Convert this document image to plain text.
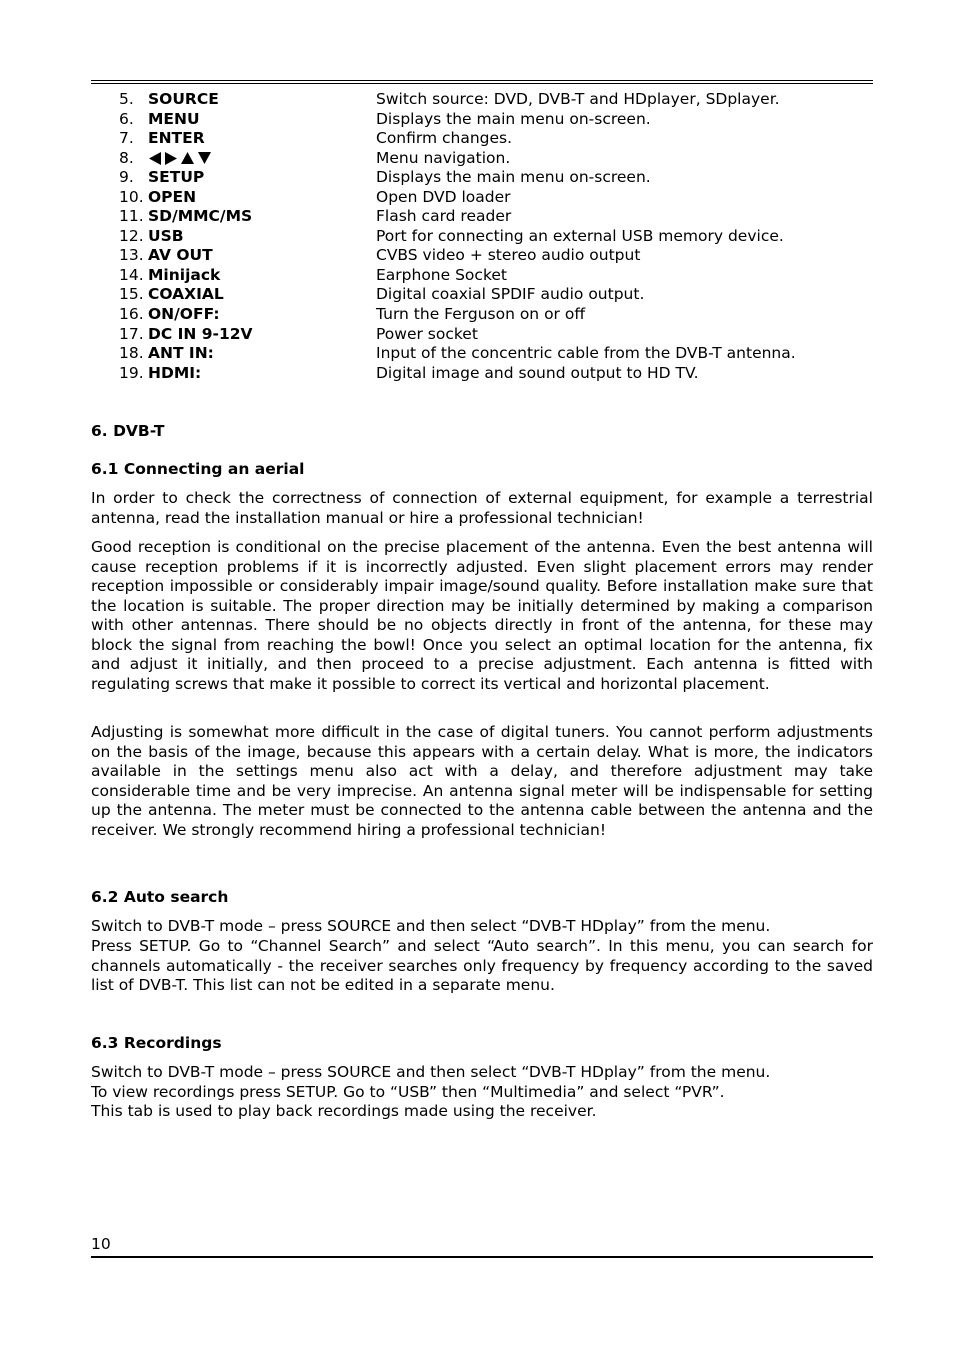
5. SOURCE	Switch source: DVD, DVB-T and HDplayer, SDplayer.
6. MENU	Displays the main menu on-screen.
7. ENTER	Confirm changes.
8.	Menu navigation.
9. SETUP	Displays the main menu on-screen.
10. OPEN	Open DVD loader
11. SD/MMC/MS	Flash card reader
12. USB	Port for connecting an external USB memory device.
13. AV OUT	CVBS video + stereo audio output
14. Minijack	Earphone Socket
15. COAXIAL	Digital coaxial SPDIF audio output.
16. ON/OFF:	Turn the Ferguson on or off
17. DC IN 9-12V	Power socket
18. ANT IN:	Input of the concentric cable from the DVB-T antenna.
19. HDMI:	Digital image and sound output to HD TV.
6. DVB-T
6.1 Connecting an aerial

In order to check the correctness of connection of external equipment, for example a terrestrial antenna, read the installation manual or hire a professional technician!

Good reception is conditional on the precise placement of the antenna. Even the best antenna will cause reception problems if it is incorrectly adjusted. Even slight placement errors may render reception impossible or considerably impair image/sound quality. Before installation make sure that the location is suitable. The proper direction may be initially determined by making a comparison with other antennas. There should be no objects directly in front of the antenna, for these may block the signal from reaching the bowl! Once you select an optimal location for the antenna, fix and adjust it initially, and then proceed to a precise adjustment. Each antenna is fitted with regulating screws that make it possible to correct its vertical and horizontal placement.

Adjusting is somewhat more difficult in the case of digital tuners. You cannot perform adjustments on the basis of the image, because this appears with a certain delay. What is more, the indicators available in the settings menu also act with a delay, and therefore adjustment may take considerable time and be very imprecise. An antenna signal meter will be indispensable for setting up the antenna. The meter must be connected to the antenna cable between the antenna and the receiver. We strongly recommend hiring a professional technician!

6.2 Auto search

Switch to DVB-T mode – press SOURCE and then select “DVB-T HDplay” from the menu.

Press SETUP. Go to “Channel Search” and select “Auto search”. In this menu, you can search for channels automatically - the receiver searches only frequency by frequency according to the saved list of DVB-T. This list can not be edited in a separate menu.

6.3 Recordings

Switch to DVB-T mode – press SOURCE and then select “DVB-T HDplay” from the menu.
To view recordings press SETUP. Go to “USB” then “Multimedia” and select “PVR”.
This tab is used to play back recordings made using the receiver.

10
